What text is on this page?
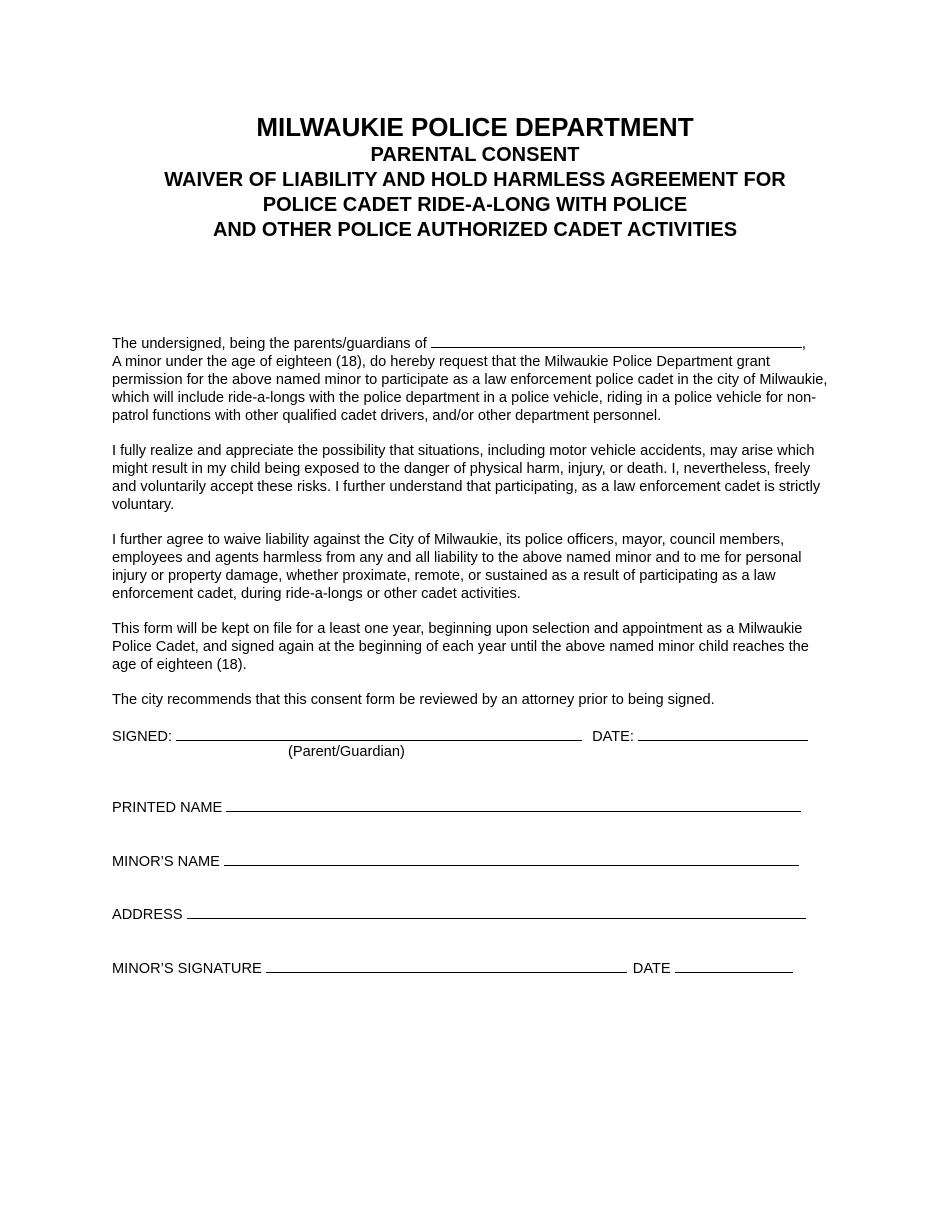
MILWAUKIE POLICE DEPARTMENT
PARENTAL CONSENT
WAIVER OF LIABILITY AND HOLD HARMLESS AGREEMENT FOR
POLICE CADET RIDE-A-LONG WITH POLICE
AND OTHER POLICE AUTHORIZED CADET ACTIVITIES

The undersigned, being the parents/guardians of	,
A minor under the age of eighteen (18), do hereby request that the Milwaukie Police Department grant permission for the above named minor to participate as a law enforcement police cadet in the city of Milwaukie, which will include ride-a-longs with the police department in a police vehicle, riding in a police vehicle for non-patrol functions with other qualified cadet drivers, and/or other department personnel.

I fully realize and appreciate the possibility that situations, including motor vehicle accidents, may arise which might result in my child being exposed to the danger of physical harm, injury, or death. I, nevertheless, freely and voluntarily accept these risks. I further understand that participating, as a law enforcement cadet is strictly voluntary.

I further agree to waive liability against the City of Milwaukie, its police officers, mayor, council members, employees and agents harmless from any and all liability to the above named minor and to me for personal injury or property damage, whether proximate, remote, or sustained as a result of participating as a law enforcement cadet, during ride-a-longs or other cadet activities.

This form will be kept on file for a least one year, beginning upon selection and appointment as a Milwaukie Police Cadet, and signed again at the beginning of each year until the above named minor child reaches the age of eighteen (18).

The city recommends that this consent form be reviewed by an attorney prior to being signed.

SIGNED:	DATE:
(Parent/Guardian)
PRINTED NAME
MINOR’S NAME
ADDRESS
MINOR’S SIGNATURE	DATE
